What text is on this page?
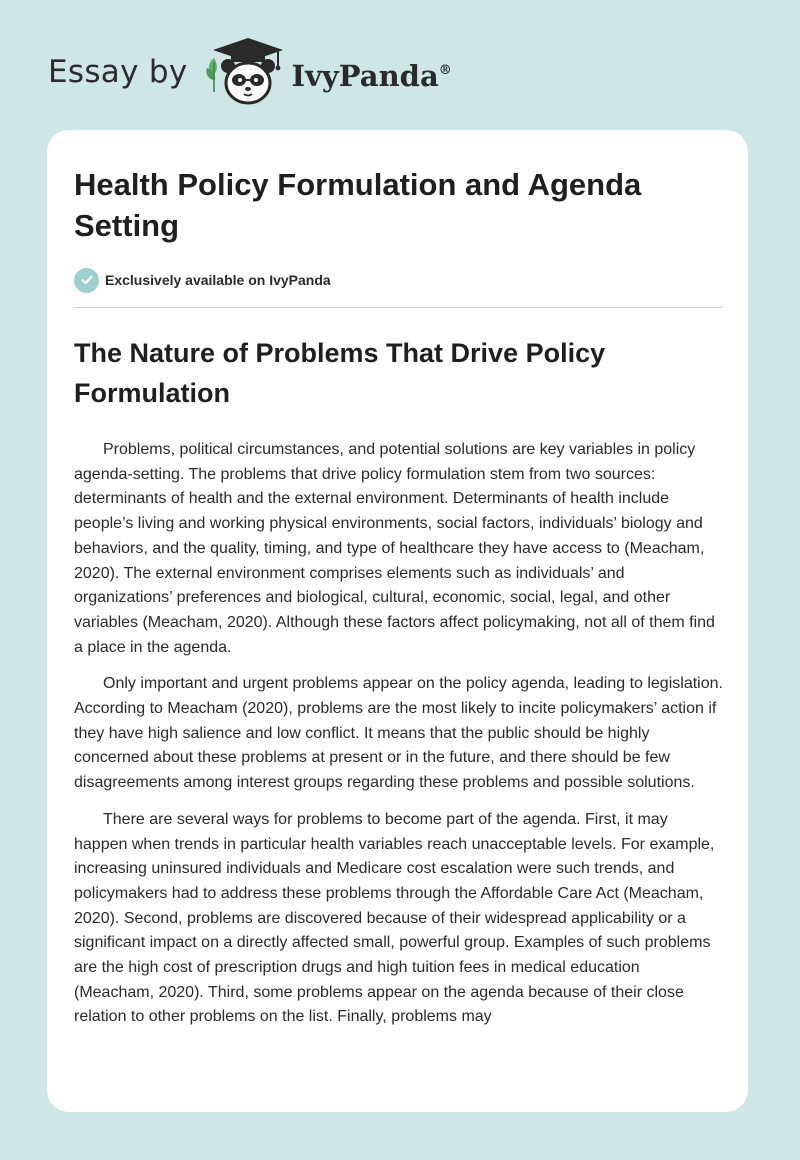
Essay by	IvyPanda®
Health Policy Formulation and Agenda Setting
Exclusively available on IvyPanda
The Nature of Problems That Drive Policy Formulation

Problems, political circumstances, and potential solutions are key variables in policy agenda-setting. The problems that drive policy formulation stem from two sources: determinants of health and the external environment. Determinants of health include people’s living and working physical environments, social factors, individuals’ biology and behaviors, and the quality, timing, and type of healthcare they have access to (Meacham, 2020). The external environment comprises elements such as individuals’ and organizations’ preferences and biological, cultural, economic, social, legal, and other variables (Meacham, 2020). Although these factors affect policymaking, not all of them find a place in the agenda.

Only important and urgent problems appear on the policy agenda, leading to legislation. According to Meacham (2020), problems are the most likely to incite policymakers’ action if they have high salience and low conflict. It means that the public should be highly concerned about these problems at present or in the future, and there should be few disagreements among interest groups regarding these problems and possible solutions.

There are several ways for problems to become part of the agenda. First, it may happen when trends in particular health variables reach unacceptable levels. For example, increasing uninsured individuals and Medicare cost escalation were such trends, and policymakers had to address these problems through the Affordable Care Act (Meacham, 2020). Second, problems are discovered because of their widespread applicability or a significant impact on a directly affected small, powerful group. Examples of such problems are the high cost of prescription drugs and high tuition fees in medical education (Meacham, 2020). Third, some problems appear on the agenda because of their close relation to other problems on the list. Finally, problems may
